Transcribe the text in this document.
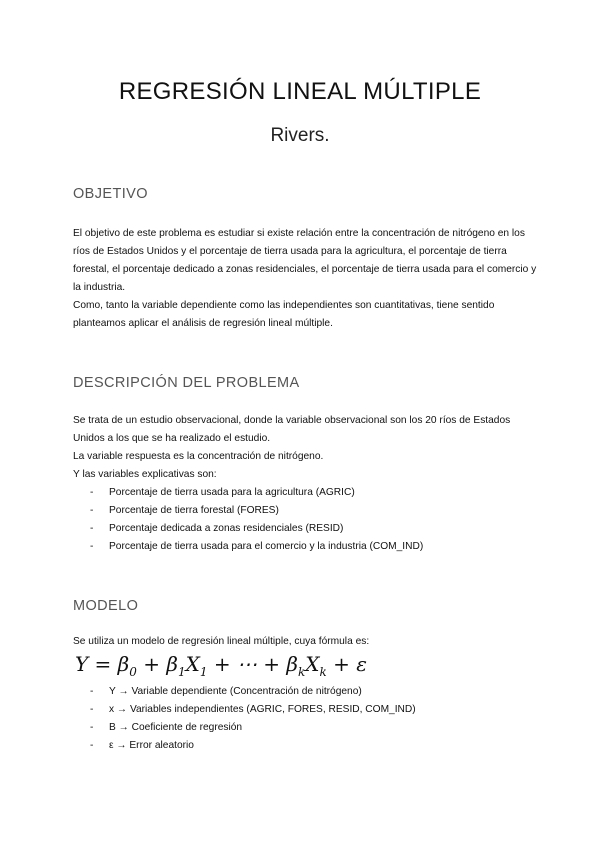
REGRESIÓN LINEAL MÚLTIPLE
Rivers.
OBJETIVO

El objetivo de este problema es estudiar si existe relación entre la concentración de nitrógeno en los ríos de Estados Unidos y el porcentaje de tierra usada para la agricultura, el porcentaje de tierra forestal, el porcentaje dedicado a zonas residenciales, el porcentaje de tierra usada para el comercio y la industria.

Como, tanto la variable dependiente como las independientes son cuantitativas, tiene sentido planteamos aplicar el análisis de regresión lineal múltiple.

DESCRIPCIÓN DEL PROBLEMA

Se trata de un estudio observacional, donde la variable observacional son los 20 ríos de Estados Unidos a los que se ha realizado el estudio.

La variable respuesta es la concentración de nitrógeno.

Y las variables explicativas son:

- Porcentaje de tierra usada para la agricultura (AGRIC)
- Porcentaje de tierra forestal (FORES)
- Porcentaje dedicada a zonas residenciales (RESID)
- Porcentaje de tierra usada para el comercio y la industria (COM_IND)
MODELO
Se utiliza un modelo de regresión lineal múltiple, cuya fórmula es:
$Y = \beta_0 + \beta_1X_1$ + ⋯ + $\beta_kX_k + \varepsilon$
- Y → Variable dependiente (Concentración de nitrógeno)
- x → Variables independientes (AGRIC, FORES, RESID, COM_IND)
- Β → Coeficiente de regresión
- ε → Error aleatorio
